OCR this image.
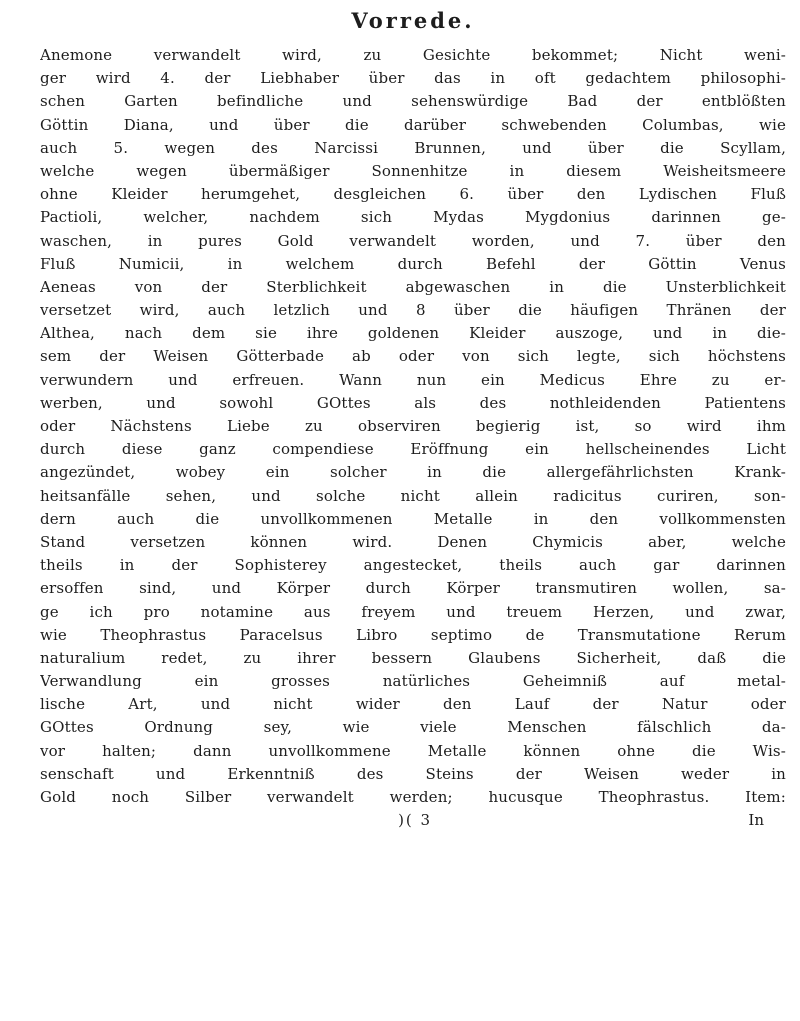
Vorrede.
Anemone verwandelt wird, zu Gesichte bekommet; Nicht weni-
ger wird 4. der Liebhaber über das in oft gedachtem philosophi-
schen Garten befindliche und sehenswürdige Bad der entblößten
Göttin Diana, und über die darüber schwebenden Columbas, wie
auch 5. wegen des Narcissi Brunnen, und über die Scyllam,
welche wegen übermäßiger Sonnenhitze in diesem Weisheitsmeere
ohne Kleider herumgehet, desgleichen 6. über den Lydischen Fluß
Pactioli, welcher, nachdem sich Mydas Mygdonius darinnen ge-
waschen, in pures Gold verwandelt worden, und 7. über den
Fluß Numicii, in welchem durch Befehl der Göttin Venus
Aeneas von der Sterblichkeit abgewaschen in die Unsterblichkeit
versetzet wird, auch letzlich und 8 über die häufigen Thränen der
Althea, nach dem sie ihre goldenen Kleider auszoge, und in die-
sem der Weisen Götterbade ab oder von sich legte, sich höchstens
verwundern und erfreuen. Wann nun ein Medicus Ehre zu er-
werben, und sowohl GOttes als des nothleidenden Patientens
oder Nächstens Liebe zu observiren begierig ist, so wird ihm
durch diese ganz compendiese Eröffnung ein hellscheinendes Licht
angezündet, wobey ein solcher in die allergefährlichsten Krank-
heitsanfälle sehen, und solche nicht allein radicitus curiren, son-
dern auch die unvollkommenen Metalle in den vollkommensten
Stand versetzen können wird. Denen Chymicis aber, welche
theils in der Sophisterey angestecket, theils auch gar darinnen
ersoffen sind, und Körper durch Körper transmutiren wollen, sa-
ge ich pro notamine aus freyem und treuem Herzen, und zwar,
wie Theophrastus Paracelsus Libro septimo de Transmutatione Rerum
naturalium redet, zu ihrer bessern Glaubens Sicherheit, daß die
Verwandlung ein grosses natürliches Geheimniß auf metal-
lische Art, und nicht wider den Lauf der Natur oder
GOttes Ordnung sey, wie viele Menschen fälschlich da-
vor halten; dann unvollkommene Metalle können ohne die Wis-
senschaft und Erkenntniß des Steins der Weisen weder in
Gold noch Silber verwandelt werden; hucusque Theophrastus. Item:
)( 3	In
